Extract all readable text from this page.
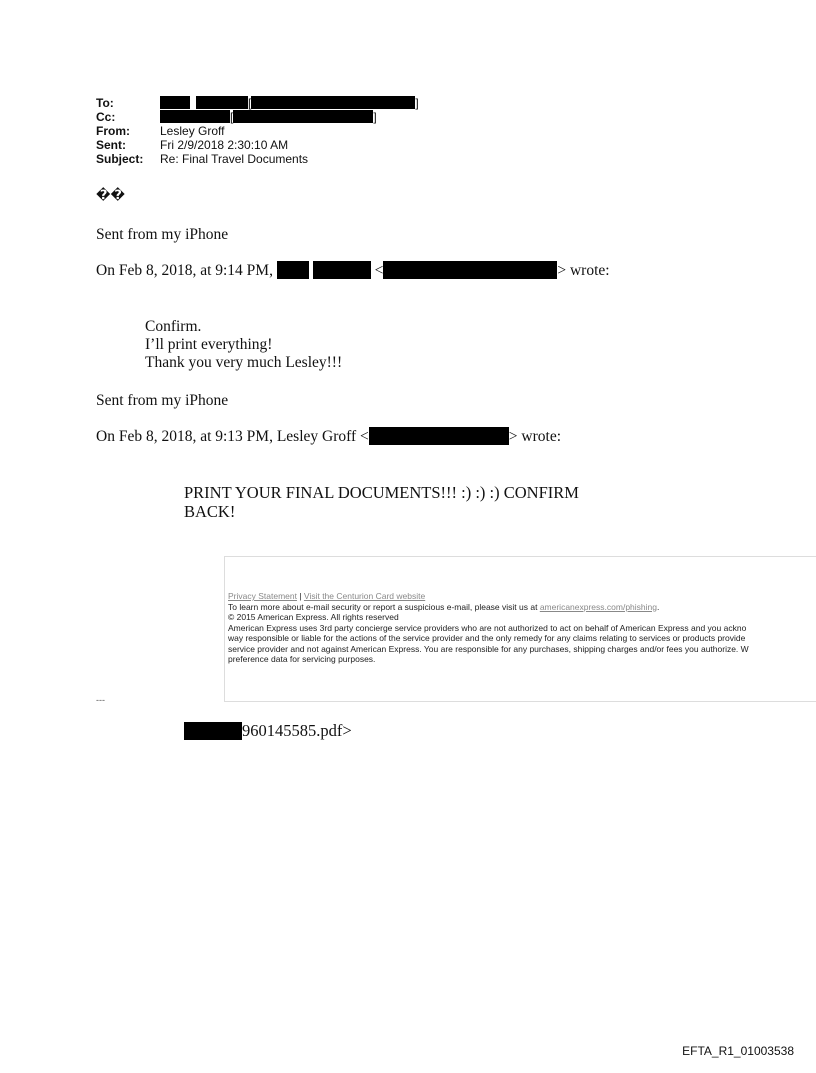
To:	[	]
Cc:	[	]
From:	Lesley Groff
Sent:	Fri 2/9/2018 2:30:10 AM
Subject: Re: Final Travel Documents
��
Sent from my iPhone
On Feb 8, 2018, at 9:14 PM,	<	> wrote:
Confirm.
I’ll print everything!
Thank you very much Lesley!!!
Sent from my iPhone
On Feb 8, 2018, at 9:13 PM, Lesley Groff <	> wrote:
PRINT YOUR FINAL DOCUMENTS!!! :) :) :) CONFIRM
BACK!
Privacy Statement | Visit the Centurion Card website
To learn more about e-mail security or report a suspicious e-mail, please visit us at americanexpress.com/phishing.
© 2015 American Express. All rights reserved
American Express uses 3rd party concierge service providers who are not authorized to act on behalf of American Express and you ackno
way responsible or liable for the actions of the service provider and the only remedy for any claims relating to services or products provide
service provider and not against American Express. You are responsible for any purchases, shipping charges and/or fees you authorize. W
preference data for servicing purposes.
---
960145585.pdf>
EFTA_R1_01003538
